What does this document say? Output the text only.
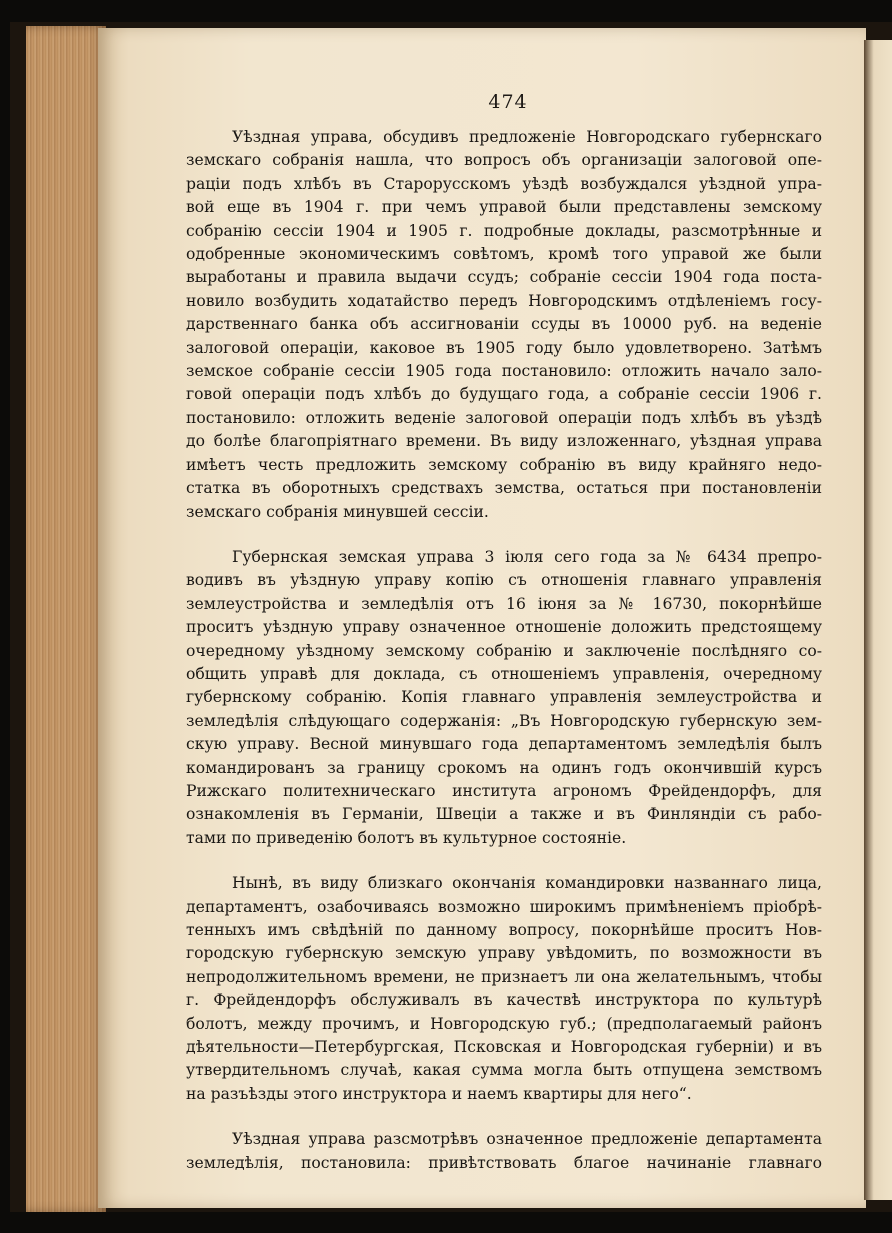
474
Уѣздная управа, обсудивъ предложенiе Новгородскаго губернскаго
земскаго собранiя нашла, что вопросъ объ организацiи залоговой опе-
рацiи подъ хлѣбъ въ Старорусскомъ уѣздѣ возбуждался уѣздной упра-
вой еще въ 1904 г. при чемъ управой были представлены земскому
собранiю сессiи 1904 и 1905 г. подробные доклады, разсмотрѣнные и
одобренные экономическимъ совѣтомъ, кромѣ того управой же были
выработаны и правила выдачи ссудъ; собранiе сессiи 1904 года поста-
новило возбудить ходатайство передъ Новгородскимъ отдѣленiемъ госу-
дарственнаго банка объ ассигнованiи ссуды въ 10000 руб. на веденiе
залоговой операцiи, каковое въ 1905 году было удовлетворено. Затѣмъ
земское собранiе сессiи 1905 года постановило: отложить начало зало-
говой операцiи подъ хлѣбъ до будущаго года, а собранiе сессiи 1906 г.
постановило: отложить веденiе залоговой операцiи подъ хлѣбъ въ уѣздѣ
до болѣе благопрiятнаго времени. Въ виду изложеннаго, уѣздная управа
имѣетъ честь предложить земскому собранiю въ виду крайняго недо-
статка въ оборотныхъ средствахъ земства, остаться при постановленiи
земскаго собранiя минувшей сессiи.
Губернская земская управа 3 iюля сего года за № 6434 препро-
водивъ въ уѣздную управу копiю съ отношенiя главнаго управленiя
землеустройства и земледѣлiя отъ 16 iюня за № 16730, покорнѣйше
проситъ уѣздную управу означенное отношенiе доложить предстоящему
очередному уѣздному земскому собранiю и заключенiе послѣдняго со-
общить управѣ для доклада, съ отношенiемъ управленiя, очередному
губернскому собранiю. Копiя главнаго управленiя землеустройства и
земледѣлiя слѣдующаго содержанiя: „Въ Новгородскую губернскую зем-
скую управу. Весной минувшаго года департаментомъ земледѣлiя былъ
командированъ за границу срокомъ на одинъ годъ окончившiй курсъ
Рижскаго политехническаго института агрономъ Фрейдендорфъ, для
ознакомленiя въ Германiи, Швецiи а также и въ Финляндiи съ рабо-
тами по приведенiю болотъ въ культурное состоянiе.
Нынѣ, въ виду близкаго окончанiя командировки названнаго лица,
департаментъ, озабочиваясь возможно широкимъ примѣненiемъ прiобрѣ-
тенныхъ имъ свѣдѣнiй по данному вопросу, покорнѣйше проситъ Нов-
городскую губернскую земскую управу увѣдомить, по возможности въ
непродолжительномъ времени, не признаетъ ли она желательнымъ, чтобы
г. Фрейдендорфъ обслуживалъ въ качествѣ инструктора по культурѣ
болотъ, между прочимъ, и Новгородскую губ.; (предполагаемый районъ
дѣятельности—Петербургская, Псковская и Новгородская губернiи) и въ
утвердительномъ случаѣ, какая сумма могла быть отпущена земствомъ
на разъѣзды этого инструктора и наемъ квартиры для него“.
Уѣздная управа разсмотрѣвъ означенное предложенiе департамента
земледѣлiя, постановила: привѣтствовать благое начинанiе главнаго
